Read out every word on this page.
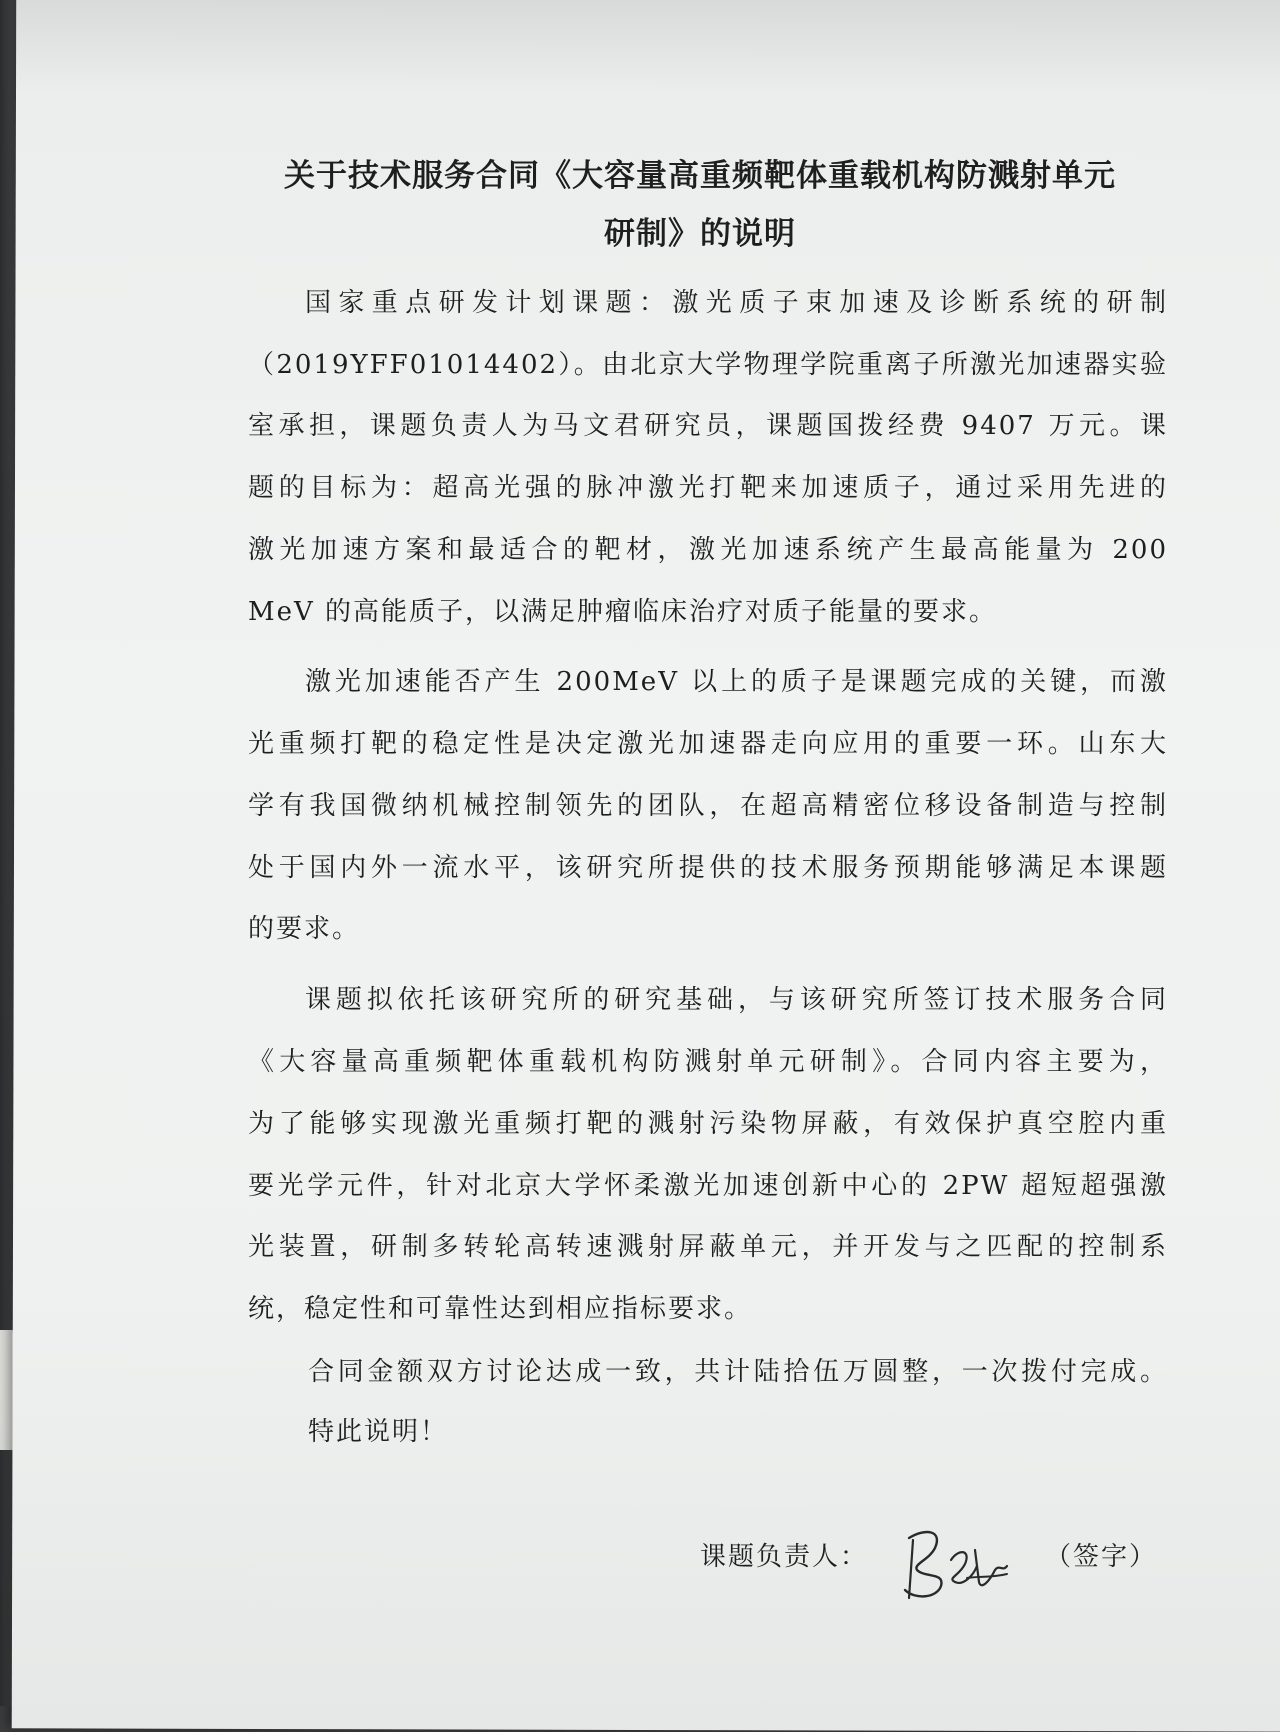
关于技术服务合同《大容量高重频靶体重载机构防溅射单元
研制》的说明
国家重点研发计划课题：激光质子束加速及诊断系统的研制
（2019YFF01014402）。由北京大学物理学院重离子所激光加速器实验
室承担，课题负责人为马文君研究员，课题国拨经费 9407 万元。课
题的目标为：超高光强的脉冲激光打靶来加速质子，通过采用先进的
激光加速方案和最适合的靶材，激光加速系统产生最高能量为 200
MeV 的高能质子，以满足肿瘤临床治疗对质子能量的要求。
激光加速能否产生 200MeV 以上的质子是课题完成的关键，而激
光重频打靶的稳定性是决定激光加速器走向应用的重要一环。山东大
学有我国微纳机械控制领先的团队，在超高精密位移设备制造与控制
处于国内外一流水平，该研究所提供的技术服务预期能够满足本课题
的要求。
课题拟依托该研究所的研究基础，与该研究所签订技术服务合同
《大容量高重频靶体重载机构防溅射单元研制》。合同内容主要为，
为了能够实现激光重频打靶的溅射污染物屏蔽，有效保护真空腔内重
要光学元件，针对北京大学怀柔激光加速创新中心的 2PW 超短超强激
光装置，研制多转轮高转速溅射屏蔽单元，并开发与之匹配的控制系
统，稳定性和可靠性达到相应指标要求。
合同金额双方讨论达成一致，共计陆拾伍万圆整，一次拨付完成。
特此说明！
课题负责人：	（签字）
